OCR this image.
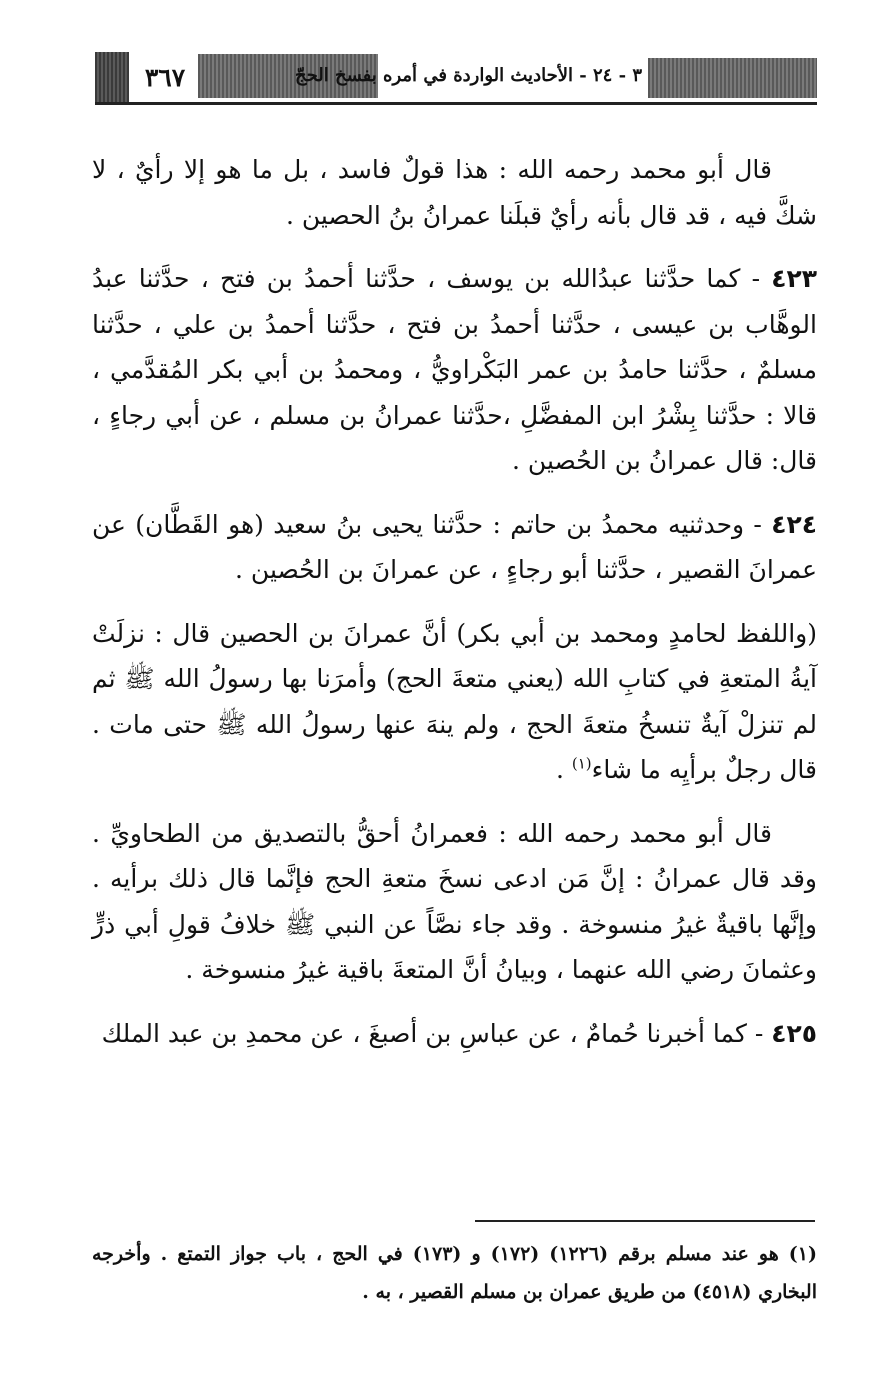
٣٦٧	٣ - ٢٤ - الأحاديث الواردة في أمره بفسخ الحجّ

قال أبو محمد رحمه الله : هذا قولٌ فاسد ، بل ما هو إلا رأيٌ ، لا شكَّ فيه ، قد قال بأنه رأيٌ قبلَنا عمرانُ بنُ الحصين .

٤٢٣ - كما حدَّثنا عبدُالله بن يوسف ، حدَّثنا أحمدُ بن فتح ، حدَّثنا عبدُ الوهَّاب بن عيسى ، حدَّثنا أحمدُ بن فتح ، حدَّثنا أحمدُ بن علي ، حدَّثنا مسلمٌ ، حدَّثنا حامدُ بن عمر البَكْراويُّ ، ومحمدُ بن أبي بكر المُقدَّمي ، قالا : حدَّثنا بِشْرُ ابن المفضَّلِ ،حدَّثنا عمرانُ بن مسلم ، عن أبي رجاءٍ ، قال: قال عمرانُ بن الحُصين .

٤٢٤ - وحدثنيه محمدُ بن حاتم : حدَّثنا يحيى بنُ سعيد (هو القَطَّان) عن عمرانَ القصير ، حدَّثنا أبو رجاءٍ ، عن عمرانَ بن الحُصين .

(واللفظ لحامدٍ ومحمد بن أبي بكر) أنَّ عمرانَ بن الحصين قال : نزلَتْ آيةُ المتعةِ في كتابِ الله (يعني متعةَ الحج) وأمرَنا بها رسولُ الله ﷺ ثم لم تنزلْ آيةٌ تنسخُ متعةَ الحج ، ولم ينهَ عنها رسولُ الله ﷺ حتى مات . قال رجلٌ برأيِه ما شاء$^{(١)}$ .

قال أبو محمد رحمه الله : فعمرانُ أحقُّ بالتصديق من الطحاويِّ . وقد قال عمرانُ : إنَّ مَن ادعى نسخَ متعةِ الحج فإنَّما قال ذلك برأيه . وإنَّها باقيةٌ غيرُ منسوخة . وقد جاء نصَّاً عن النبي ﷺ خلافُ قولِ أبي ذرٍّ وعثمانَ رضي الله عنهما ، وبيانُ أنَّ المتعةَ باقية غيرُ منسوخة .

٤٢٥ - كما أخبرنا حُمامٌ ، عن عباسِ بن أصبغَ ، عن محمدِ بن عبد الملك

(١) هو عند مسلم برقم (١٢٢٦) (١٧٢) و (١٧٣) في الحج ، باب جواز التمتع . وأخرجه البخاري (٤٥١٨) من طريق عمران بن مسلم القصير ، به .
